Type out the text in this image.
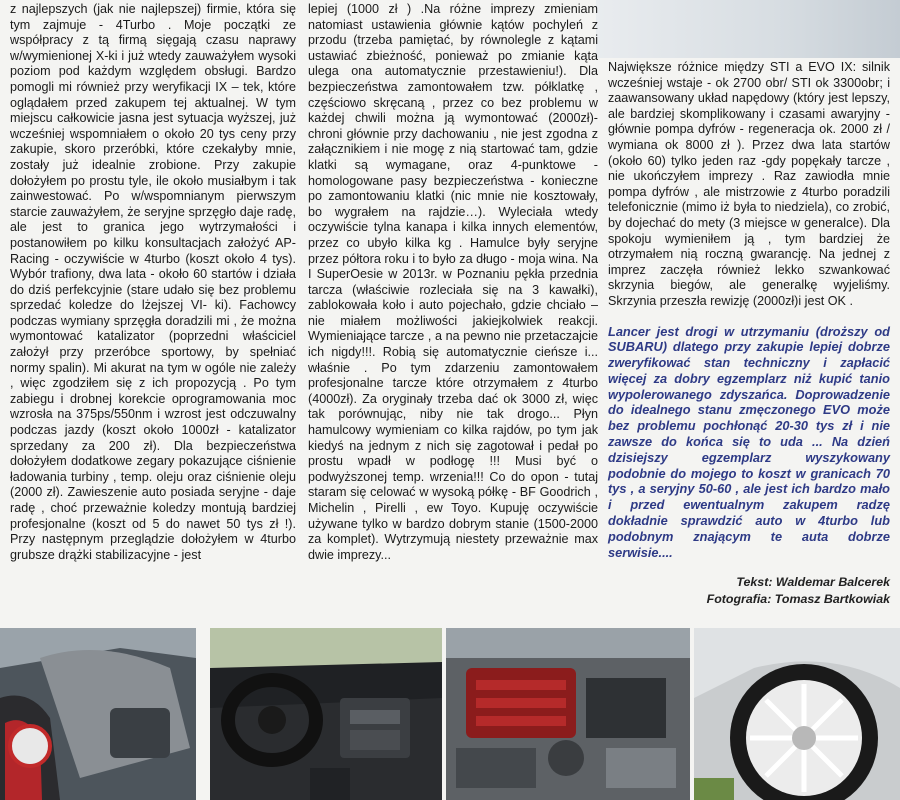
z najlepszych (jak nie najlepszej) firmie, która się tym zajmuje - 4Turbo . Moje początki ze współpracy z tą firmą sięgają czasu naprawy w/wymienionej X-ki i już wtedy zauważyłem wysoki poziom pod każdym względem obsługi. Bardzo pomogli mi również przy weryfikacji IX – tek, które oglądałem przed zakupem tej aktualnej. W tym miejscu całkowicie jasna jest sytuacja wyższej, już wcześniej wspomniałem o około 20 tys ceny przy zakupie, skoro przeróbki, które czekałyby mnie, zostały już idealnie zrobione. Przy zakupie dołożyłem po prostu tyle, ile około musiałbym i tak zainwestować. Po w/wspomnianym pierwszym starcie zauważyłem, że seryjne sprzęgło daje radę, ale jest to granica jego wytrzymałości i postanowiłem po kilku konsultacjach założyć AP-Racing - oczywiście w 4turbo (koszt około 4 tys). Wybór trafiony, dwa lata - około 60 startów i działa do dziś perfekcyjnie (stare udało się bez problemu sprzedać koledze do lżejszej VI- ki). Fachowcy podczas wymiany sprzęgła doradzili mi , że można wymontować katalizator (poprzedni właściciel założył przy przeróbce sportowy, by spełniać normy spalin). Mi akurat na tym w ogóle nie zależy , więc zgodziłem się z ich propozycją . Po tym zabiegu i drobnej korekcie oprogramowania moc wzrosła na 375ps/550nm i wzrost jest odczuwalny podczas jazdy (koszt około 1000zł - katalizator sprzedany za 200 zł). Dla bezpieczeństwa dołożyłem dodatkowe zegary pokazujące ciśnienie ładowania turbiny , temp. oleju oraz ciśnienie oleju (2000 zł). Zawieszenie auto posiada seryjne - daje radę , choć przeważnie koledzy montują bardziej profesjonalne (koszt od 5 do nawet 50 tys zł !). Przy następnym przeglądzie dołożyłem w 4turbo grubsze drążki stabilizacyjne - jest

lepiej (1000 zł ) .Na różne imprezy zmieniam natomiast ustawienia głównie kątów pochyleń z przodu (trzeba pamiętać, by równolegle z kątami ustawiać zbieżność, ponieważ po zmianie kąta ulega ona automatycznie przestawieniu!). Dla bezpieczeństwa zamontowałem tzw. półklatkę , częściowo skręcaną , przez co bez problemu w każdej chwili można ją wymontować (2000zł)- chroni głównie przy dachowaniu , nie jest zgodna z załącznikiem i nie mogę z nią startować tam, gdzie klatki są wymagane, oraz 4-punktowe - homologowane pasy bezpieczeństwa - konieczne po zamontowaniu klatki (nic mnie nie kosztowały, bo wygrałem na rajdzie…). Wyleciała wtedy oczywiście tylna kanapa i kilka innych elementów, przez co ubyło kilka kg . Hamulce były seryjne przez półtora roku i to było za długo - moja wina. Na I SuperOesie w 2013r. w Poznaniu pękła przednia tarcza (właściwie rozleciała się na 3 kawałki), zablokowała koło i auto pojechało, gdzie chciało – nie miałem możliwości jakiejkolwiek reakcji. Wymieniające tarcze , a na pewno nie przetaczajcie ich nigdy!!!. Robią się automatycznie cieńsze i... właśnie . Po tym zdarzeniu zamontowałem profesjonalne tarcze które otrzymałem z 4turbo (4000zł). Za oryginały trzeba dać ok 3000 zł, więc tak porównując, niby nie tak drogo... Płyn hamulcowy wymieniam co kilka rajdów, po tym jak kiedyś na jednym z nich się zagotował i pedał po prostu wpadł w podłogę !!! Musi być o podwyższonej temp. wrzenia!!! Co do opon - tutaj staram się celować w wysoką półkę - BF Goodrich , Michelin , Pirelli , ew Toyo. Kupuję oczywiście używane tylko w bardzo dobrym stanie (1500-2000 za komplet). Wytrzymują niestety przeważnie max dwie imprezy...

Największe różnice między STI a EVO IX: silnik wcześniej wstaje - ok 2700 obr/ STI ok 3300obr; i zaawansowany układ napędowy (który jest lepszy, ale bardziej skomplikowany i czasami awaryjny - głównie pompa dyfrów - regeneracja ok. 2000 zł / wymiana ok 8000 zł ). Przez dwa lata startów (około 60) tylko jeden raz -gdy popękały tarcze , nie ukończyłem imprezy . Raz zawiodła mnie pompa dyfrów , ale mistrzowie z 4turbo poradzili telefonicznie (mimo iż była to niedziela), co zrobić, by dojechać do mety (3 miejsce w generalce). Dla spokoju wymieniłem ją , tym bardziej że otrzymałem nią roczną gwarancję. Na jednej z imprez zaczęła również lekko szwankować skrzynia biegów, ale generalkę wyjeliśmy. Skrzynia przeszła rewizję (2000zł)i jest OK .

Lancer jest drogi w utrzymaniu (droższy od SUBARU) dlatego przy zakupie lepiej dobrze zweryfikować stan techniczny i zapłacić więcej za dobry egzemplarz niż kupić tanio wypolerowanego zdyszańca. Doprowadzenie do idealnego stanu zmęczonego EVO może bez problemu pochłonąć 20-30 tys zł i nie zawsze do końca się to uda ... Na dzień dzisiejszy egzemplarz wyszykowany podobnie do mojego to koszt w granicach 70 tys , a seryjny 50-60 , ale jest ich bardzo mało i przed ewentualnym zakupem radzę dokładnie sprawdzić auto w 4turbo lub podobnym znającym te auta dobrze serwisie....

Tekst: Waldemar Balcerek
Fotografia: Tomasz Bartkowiak
